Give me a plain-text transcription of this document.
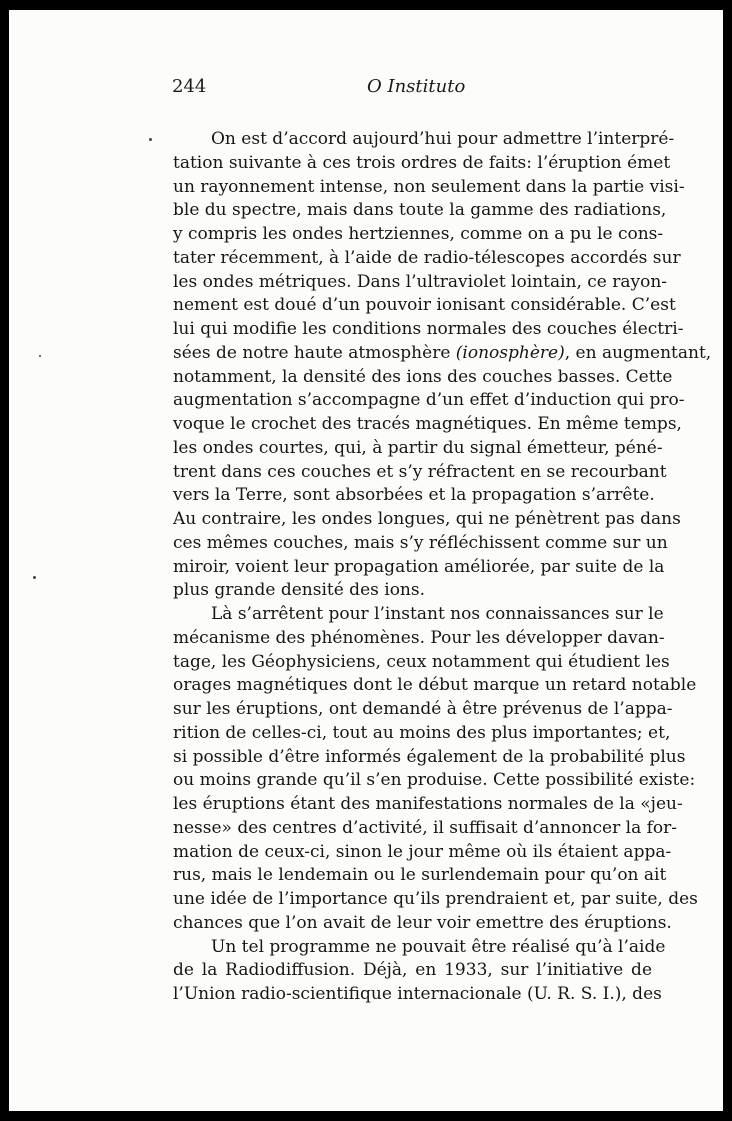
244	O Instituto
On est d’accord aujourd’hui pour admettre l’interpré-
tation suivante à ces trois ordres de faits: l’éruption émet
un rayonnement intense, non seulement dans la partie visi-
ble du spectre, mais dans toute la gamme des radiations,
y compris les ondes hertziennes, comme on a pu le cons-
tater récemment, à l’aide de radio-télescopes accordés sur
les ondes métriques. Dans l’ultraviolet lointain, ce rayon-
nement est doué d’un pouvoir ionisant considérable. C’est
lui qui modifie les conditions normales des couches électri-
sées de notre haute atmosphère (ionosphère), en augmentant,
notamment, la densité des ions des couches basses. Cette
augmentation s’accompagne d’un effet d’induction qui pro-
voque le crochet des tracés magnétiques. En même temps,
les ondes courtes, qui, à partir du signal émetteur, péné-
trent dans ces couches et s’y réfractent en se recourbant
vers la Terre, sont absorbées et la propagation s’arrête.
Au contraire, les ondes longues, qui ne pénètrent pas dans
ces mêmes couches, mais s’y réfléchissent comme sur un
miroir, voient leur propagation améliorée, par suite de la
plus grande densité des ions.
Là s’arrêtent pour l’instant nos connaissances sur le
mécanisme des phénomènes. Pour les développer davan-
tage, les Géophysiciens, ceux notamment qui étudient les
orages magnétiques dont le début marque un retard notable
sur les éruptions, ont demandé à être prévenus de l’appa-
rition de celles-ci, tout au moins des plus importantes; et,
si possible d’être informés également de la probabilité plus
ou moins grande qu’il s’en produise. Cette possibilité existe:
les éruptions étant des manifestations normales de la «jeu-
nesse» des centres d’activité, il suffisait d’annoncer la for-
mation de ceux-ci, sinon le jour même où ils étaient appa-
rus, mais le lendemain ou le surlendemain pour qu’on ait
une idée de l’importance qu’ils prendraient et, par suite, des
chances que l’on avait de leur voir emettre des éruptions.
Un tel programme ne pouvait être réalisé qu’à l’aide
de la Radiodiffusion. Déjà, en 1933, sur l’initiative de
l’Union radio-scientifique internacionale (U. R. S. I.), des
